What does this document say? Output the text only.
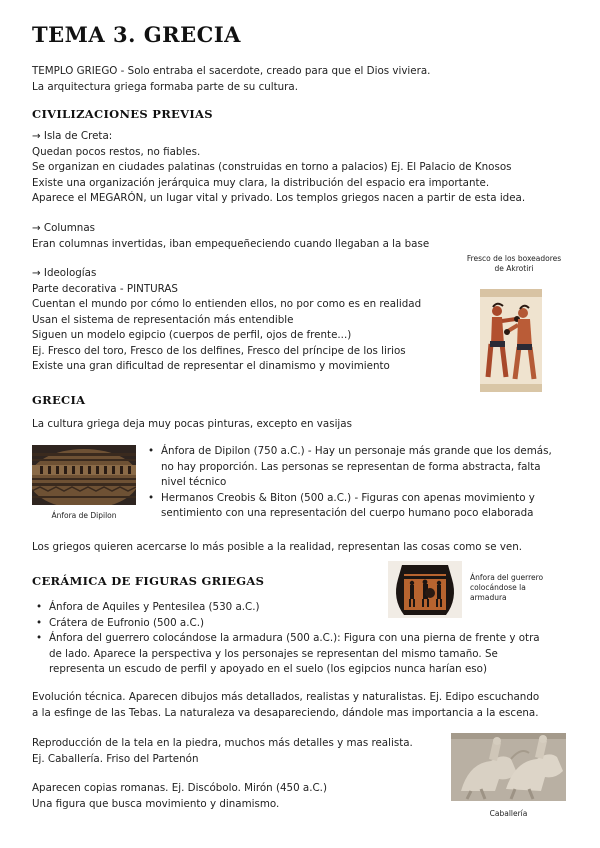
TEMA 3. GRECIA
TEMPLO GRIEGO - Solo entraba el sacerdote, creado para que el Dios viviera.
La arquitectura griega formaba parte de su cultura.
CIVILIZACIONES PREVIAS
→ Isla de Creta:
Quedan pocos restos, no fiables.
Se organizan en ciudades palatinas (construidas en torno a palacios) Ej. El Palacio de Knosos
Existe una organización jerárquica muy clara, la distribución del espacio era importante.
Aparece el MEGARÓN, un lugar vital y privado. Los templos griegos nacen a partir de esta idea.
→ Columnas
Eran columnas invertidas, iban empequeñeciendo cuando llegaban a la base
→ Ideologías
Parte decorativa - PINTURAS
Cuentan el mundo por cómo lo entienden ellos, no por como es en realidad
Usan el sistema de representación más entendible
Siguen un modelo egipcio (cuerpos de perfil, ojos de frente...)
Ej. Fresco del toro, Fresco de los delfines, Fresco del príncipe de los lirios
Existe una gran dificultad de representar el dinamismo y movimiento
Fresco de los boxeadores
de Akrotiri
GRECIA
La cultura griega deja muy pocas pinturas, excepto en vasijas
Ánfora de Dipilon
• Ánfora de Dipilon (750 a.C.) - Hay un personaje más grande que los demás,
no hay proporción. Las personas se representan de forma abstracta, falta
nivel técnico
• Hermanos Creobis & Biton (500 a.C.) - Figuras con apenas movimiento y
sentimiento con una representación del cuerpo humano poco elaborada
Los griegos quieren acercarse lo más posible a la realidad, representan las cosas como se ven.
CERÁMICA DE FIGURAS GRIEGAS	Ánfora del guerrero
colocándose la
armadura
• Ánfora de Aquiles y Pentesilea (530 a.C.)
• Crátera de Eufronio (500 a.C.)
• Ánfora del guerrero colocándose la armadura (500 a.C.): Figura con una pierna de frente y otra
de lado. Aparece la perspectiva y los personajes se representan del mismo tamaño. Se
representa un escudo de perfil y apoyado en el suelo (los egipcios nunca harían eso)
Evolución técnica. Aparecen dibujos más detallados, realistas y naturalistas. Ej. Edipo escuchando
a la esfinge de las Tebas. La naturaleza va desapareciendo, dándole mas importancia a la escena.
Reproducción de la tela en la piedra, muchos más detalles y mas realista.
Ej. Caballería. Friso del Partenón
Aparecen copias romanas. Ej. Discóbolo. Mirón (450 a.C.)
Una figura que busca movimiento y dinamismo.
Caballería
